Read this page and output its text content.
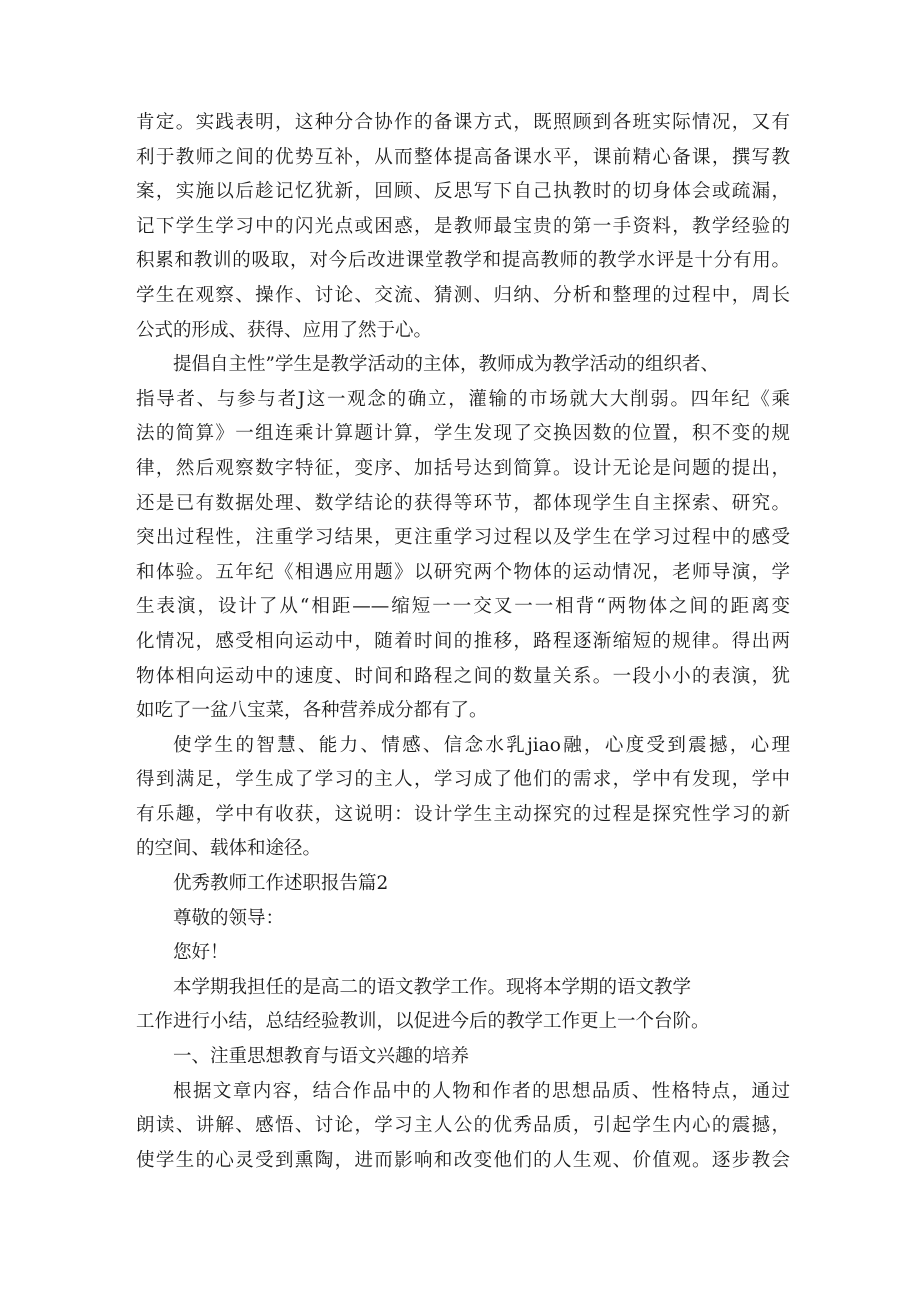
肯定。实践表明，这种分合协作的备课方式，既照顾到各班实际情况，又有
利于教师之间的优势互补，从而整体提高备课水平，课前精心备课，撰写教
案，实施以后趁记忆犹新，回顾、反思写下自己执教时的切身体会或疏漏，
记下学生学习中的闪光点或困惑，是教师最宝贵的第一手资料，教学经验的
积累和教训的吸取，对今后改进课堂教学和提高教师的教学水评是十分有用。
学生在观察、操作、讨论、交流、猜测、归纳、分析和整理的过程中，周长
公式的形成、获得、应用了然于心。
提倡自主性”学生是教学活动的主体，教师成为教学活动的组织者、
指导者、与参与者J这一观念的确立，灌输的市场就大大削弱。四年纪《乘
法的简算》一组连乘计算题计算，学生发现了交换因数的位置，积不变的规
律，然后观察数字特征，变序、加括号达到简算。设计无论是问题的提出，
还是已有数据处理、数学结论的获得等环节，都体现学生自主探索、研究。
突出过程性，注重学习结果，更注重学习过程以及学生在学习过程中的感受
和体验。五年纪《相遇应用题》以研究两个物体的运动情况，老师导演，学
生表演，设计了从“相距——缩短一一交叉一一相背“两物体之间的距离变
化情况，感受相向运动中，随着时间的推移，路程逐渐缩短的规律。得出两
物体相向运动中的速度、时间和路程之间的数量关系。一段小小的表演，犹
如吃了一盆八宝菜，各种营养成分都有了。
使学生的智慧、能力、情感、信念水乳jiao融，心度受到震撼，心理
得到满足，学生成了学习的主人，学习成了他们的需求，学中有发现，学中
有乐趣，学中有收获，这说明：设计学生主动探究的过程是探究性学习的新
的空间、载体和途径。
优秀教师工作述职报告篇2
尊敬的领导：
您好！
本学期我担任的是高二的语文教学工作。现将本学期的语文教学
工作进行小结，总结经验教训，以促进今后的教学工作更上一个台阶。
一、注重思想教育与语文兴趣的培养
根据文章内容，结合作品中的人物和作者的思想品质、性格特点，通过
朗读、讲解、感悟、讨论，学习主人公的优秀品质，引起学生内心的震撼，
使学生的心灵受到熏陶，进而影响和改变他们的人生观、价值观。逐步教会
